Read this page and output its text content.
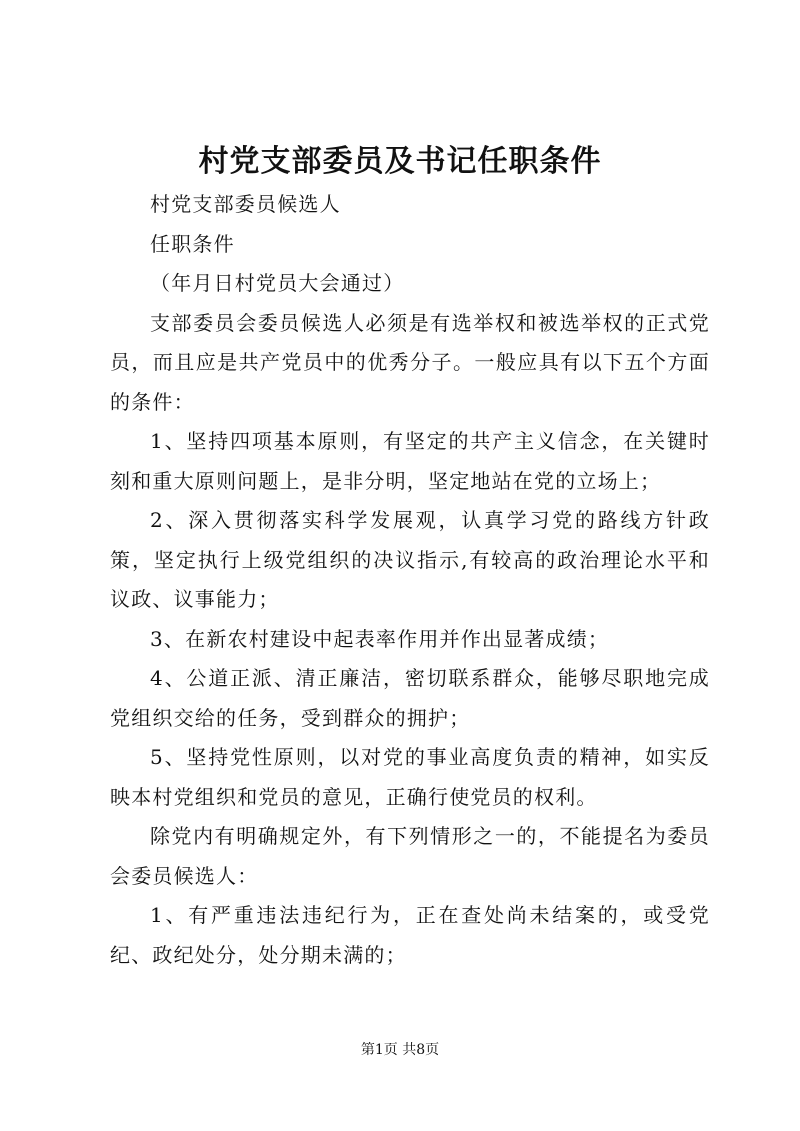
村党支部委员及书记任职条件

村党支部委员候选人

任职条件

（年月日村党员大会通过）

支部委员会委员候选人必须是有选举权和被选举权的正式党员，而且应是共产党员中的优秀分子。一般应具有以下五个方面的条件：

1、坚持四项基本原则，有坚定的共产主义信念，在关键时刻和重大原则问题上，是非分明，坚定地站在党的立场上；

2、深入贯彻落实科学发展观，认真学习党的路线方针政策，坚定执行上级党组织的决议指示,有较高的政治理论水平和议政、议事能力；

3、在新农村建设中起表率作用并作出显著成绩；

4、公道正派、清正廉洁，密切联系群众，能够尽职地完成党组织交给的任务，受到群众的拥护；

5、坚持党性原则，以对党的事业高度负责的精神，如实反映本村党组织和党员的意见，正确行使党员的权利。

除党内有明确规定外，有下列情形之一的，不能提名为委员会委员候选人：

1、有严重违法违纪行为，正在查处尚未结案的，或受党纪、政纪处分，处分期未满的；

第1页 共8页
